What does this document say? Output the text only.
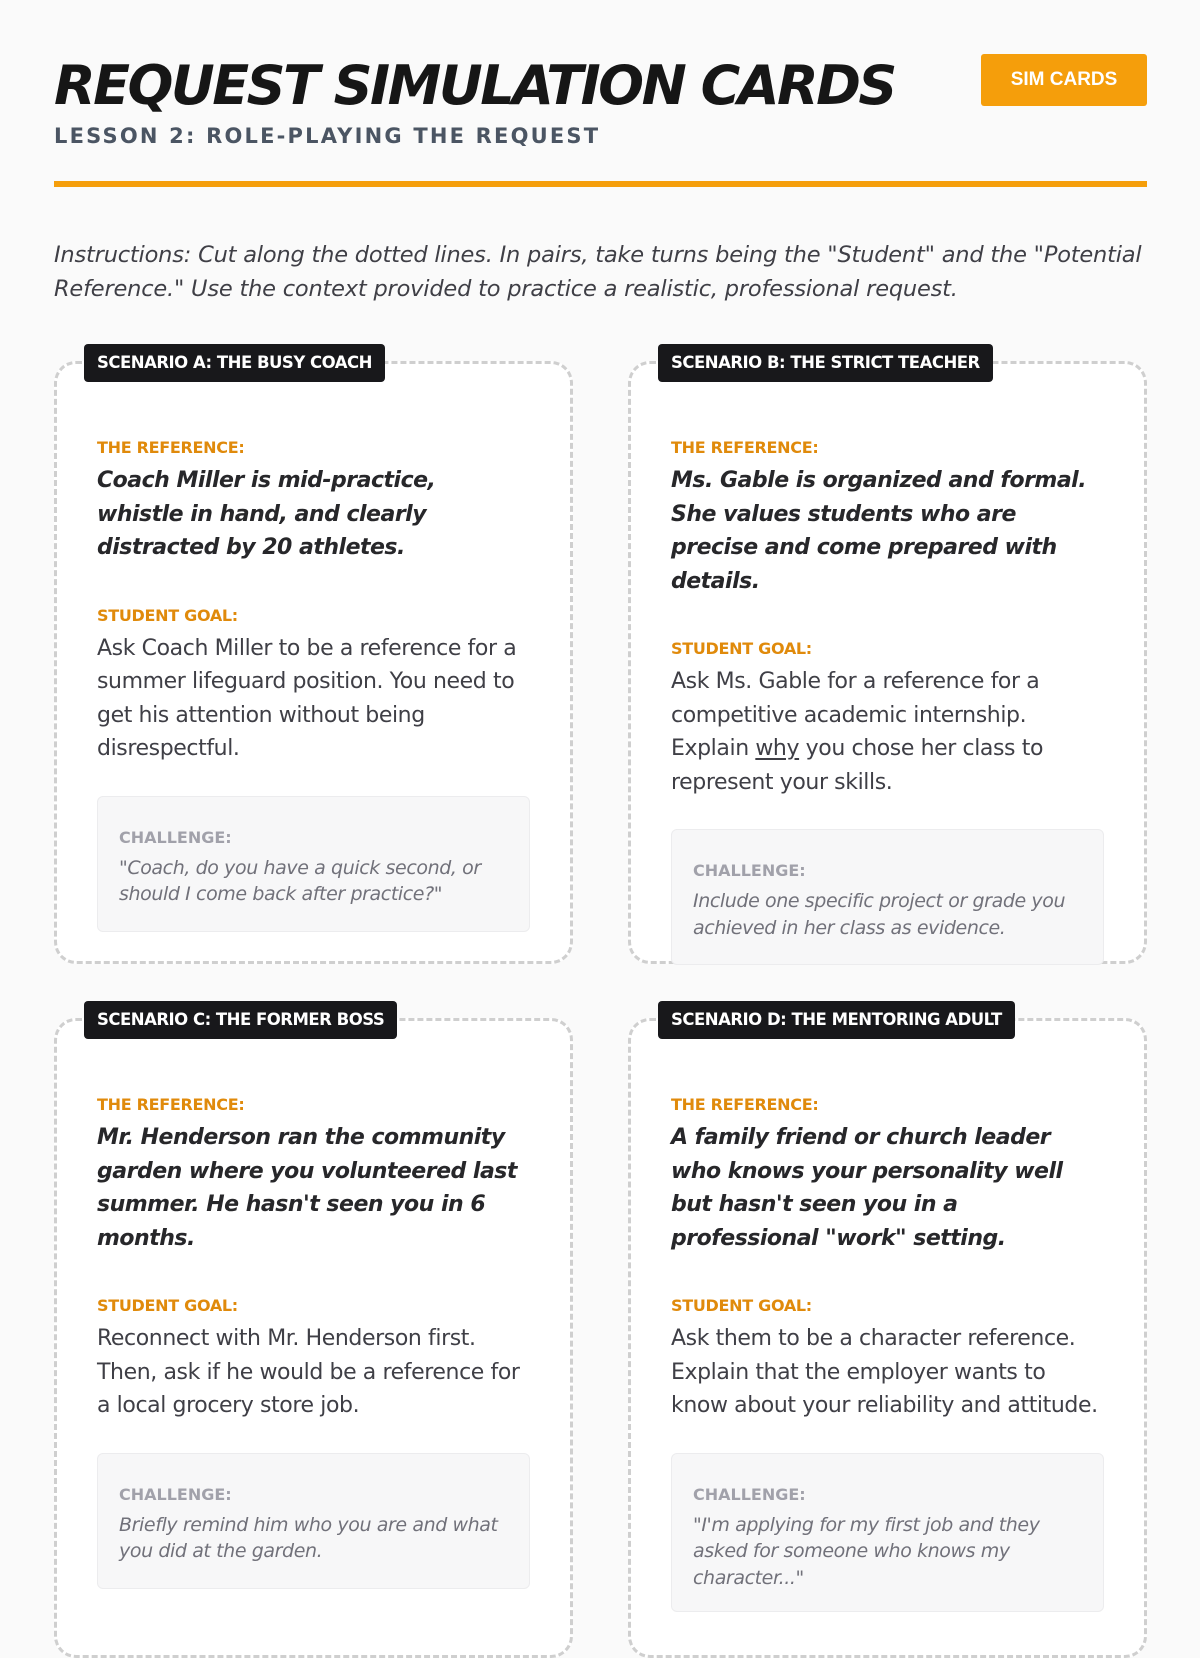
REQUEST SIMULATION CARDS	SIM CARDS
LESSON 2: ROLE-PLAYING THE REQUEST

Instructions: Cut along the dotted lines. In pairs, take turns being the "Student" and the "Potential Reference." Use the context provided to practice a realistic, professional request.

SCENARIO A: THE BUSY COACH
THE REFERENCE:

Coach Miller is mid-practice, whistle in hand, and clearly distracted by 20 athletes.

STUDENT GOAL:

Ask Coach Miller to be a reference for a summer lifeguard position. You need to get his attention without being disrespectful.

CHALLENGE:

"Coach, do you have a quick second, or should I come back after practice?"

SCENARIO B: THE STRICT TEACHER
THE REFERENCE:

Ms. Gable is organized and formal. She values students who are precise and come prepared with details.

STUDENT GOAL:

Ask Ms. Gable for a reference for a competitive academic internship. Explain why you chose her class to represent your skills.

CHALLENGE:

Include one specific project or grade you achieved in her class as evidence.

SCENARIO C: THE FORMER BOSS
THE REFERENCE:

Mr. Henderson ran the community garden where you volunteered last summer. He hasn't seen you in 6 months.

STUDENT GOAL:

Reconnect with Mr. Henderson first. Then, ask if he would be a reference for a local grocery store job.

CHALLENGE:

Briefly remind him who you are and what you did at the garden.

SCENARIO D: THE MENTORING ADULT
THE REFERENCE:

A family friend or church leader who knows your personality well but hasn't seen you in a professional "work" setting.

STUDENT GOAL:

Ask them to be a character reference. Explain that the employer wants to know about your reliability and attitude.

CHALLENGE:

"I'm applying for my first job and they asked for someone who knows my character..."
